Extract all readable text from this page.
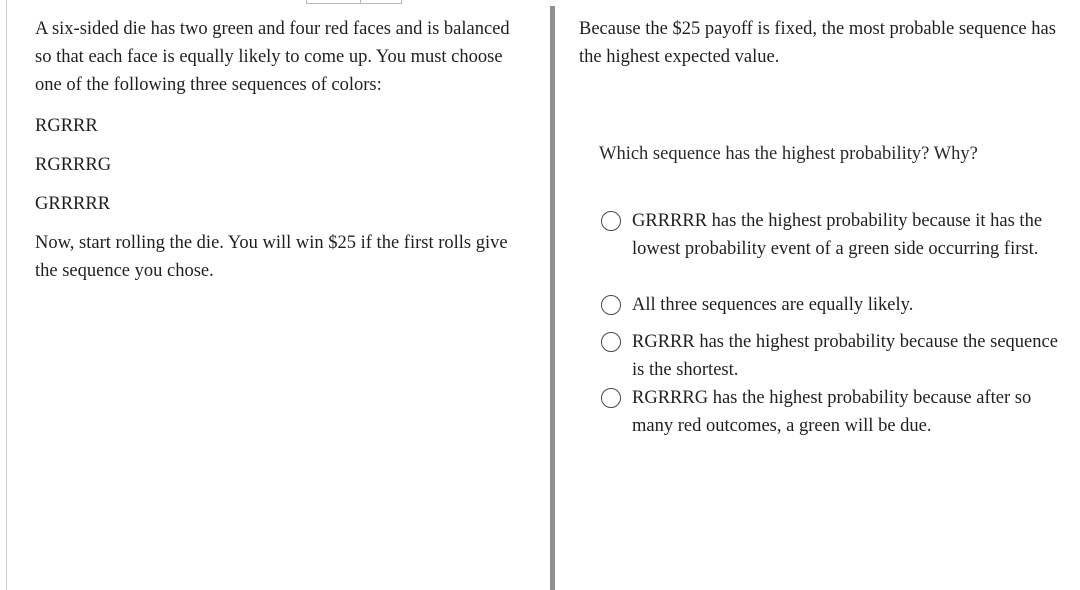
A six-sided die has two green and four red faces and is balanced so that each face is equally likely to come up. You must choose one of the following three sequences of colors:

RGRRR

RGRRRG

GRRRRR

Now, start rolling the die. You will win $25 if the first rolls give the sequence you chose.

Because the $25 payoff is fixed, the most probable sequence has the highest expected value.

Which sequence has the highest probability? Why?
GRRRRR has the highest probability because it has the lowest probability event of a green side occurring first.
All three sequences are equally likely.
RGRRR has the highest probability because the sequence is the shortest.
RGRRRG has the highest probability because after so many red outcomes, a green will be due.
